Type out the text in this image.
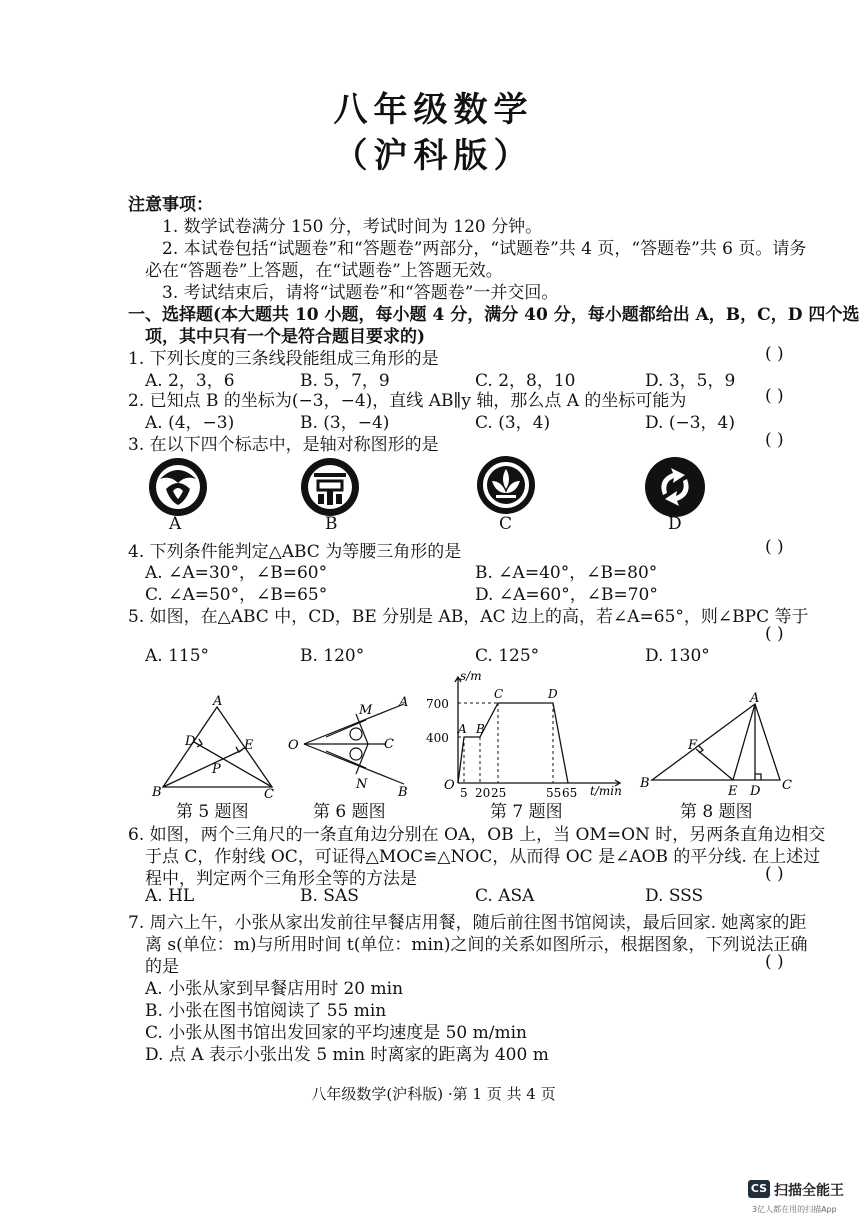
八年级数学
（沪科版）
注意事项：
1. 数学试卷满分 150 分，考试时间为 120 分钟。
2. 本试卷包括“试题卷”和“答题卷”两部分，“试题卷”共 4 页，“答题卷”共 6 页。请务
必在“答题卷”上答题，在“试题卷”上答题无效。
3. 考试结束后，请将“试题卷”和“答题卷”一并交回。
一、选择题(本大题共 10 小题，每小题 4 分，满分 40 分，每小题都给出 A，B，C，D 四个选
项，其中只有一个是符合题目要求的)
1. 下列长度的三条线段能组成三角形的是	( )
A. 2，3，6	B. 5，7，9	C. 2，8，10	D. 3，5，9
2. 已知点 B 的坐标为(−3，−4)，直线 AB∥y 轴，那么点 A 的坐标可能为	( )
A. (4，−3)	B. (3，−4)	C. (3，4)	D. (−3，4)
3. 在以下四个标志中，是轴对称图形的是	( )
A	B	C	D
4. 下列条件能判定△ABC 为等腰三角形的是	( )
A. ∠A=30°，∠B=60°	B. ∠A=40°，∠B=80°
C. ∠A=50°，∠B=65°	D. ∠A=60°，∠B=70°
5. 如图，在△ABC 中，CD，BE 分别是 AB，AC 边上的高，若∠A=65°，则∠BPC 等于
( )
A. 115°	B. 120°	C. 125°	D. 130°
A
B	C
D	E
P
O
A
B
M
N
C
s/m
t/min
O
700
400
5 20 25	55 65
A B
C	D	A
B	C
D
E
F
第 5 题图	第 6 题图	第 7 题图	第 8 题图
6. 如图，两个三角尺的一条直角边分别在 OA，OB 上，当 OM=ON 时，另两条直角边相交
于点 C，作射线 OC，可证得△MOC≌△NOC，从而得 OC 是∠AOB 的平分线. 在上述过
程中，判定两个三角形全等的方法是	( )
A. HL	B. SAS	C. ASA	D. SSS
7. 周六上午，小张从家出发前往早餐店用餐，随后前往图书馆阅读，最后回家. 她离家的距
离 s(单位：m)与所用时间 t(单位：min)之间的关系如图所示，根据图象，下列说法正确
的是	( )
A. 小张从家到早餐店用时 20 min
B. 小张在图书馆阅读了 55 min
C. 小张从图书馆出发回家的平均速度是 50 m/min
D. 点 A 表示小张出发 5 min 时离家的距离为 400 m
八年级数学(沪科版) ·第 1 页 共 4 页
CS 扫描全能王
3亿人都在用的扫描App
